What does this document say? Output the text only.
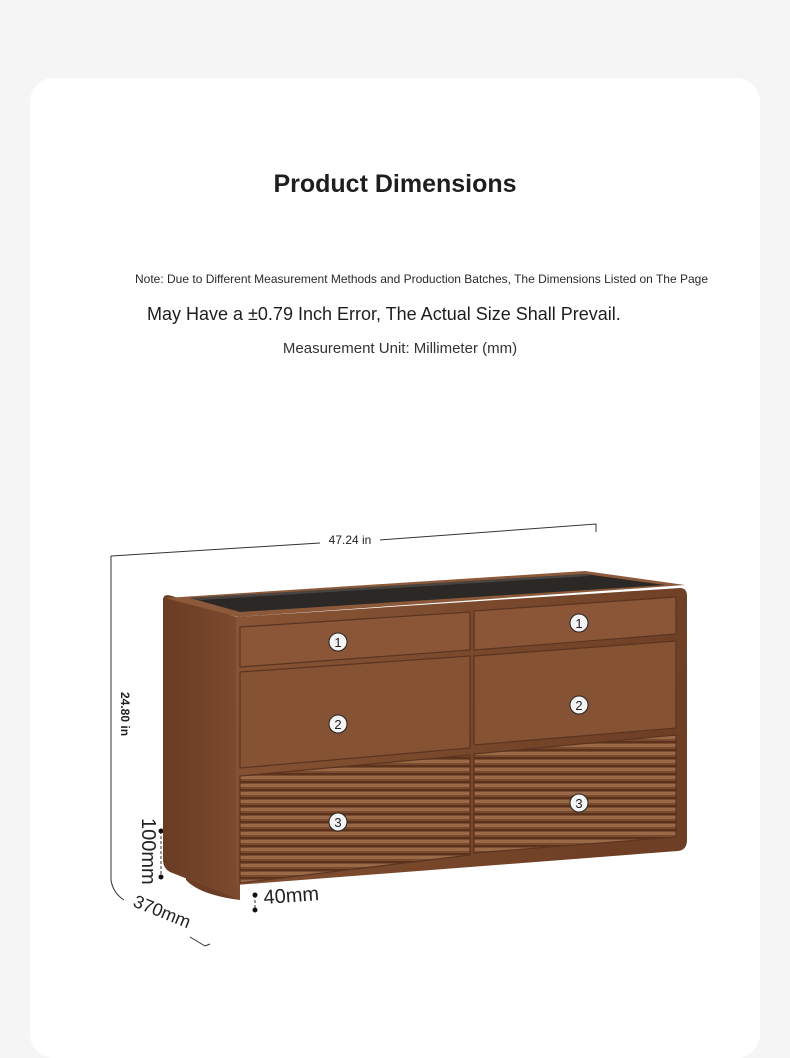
Product Dimensions
Note: Due to Different Measurement Methods and Production Batches, The Dimensions Listed on The Page
May Have a ±0.79 Inch Error, The Actual Size Shall Prevail.
Measurement Unit: Millimeter (mm)
1
1
2
2
3
3
47.24 in
24.80 in
100mm
40mm
370mm
